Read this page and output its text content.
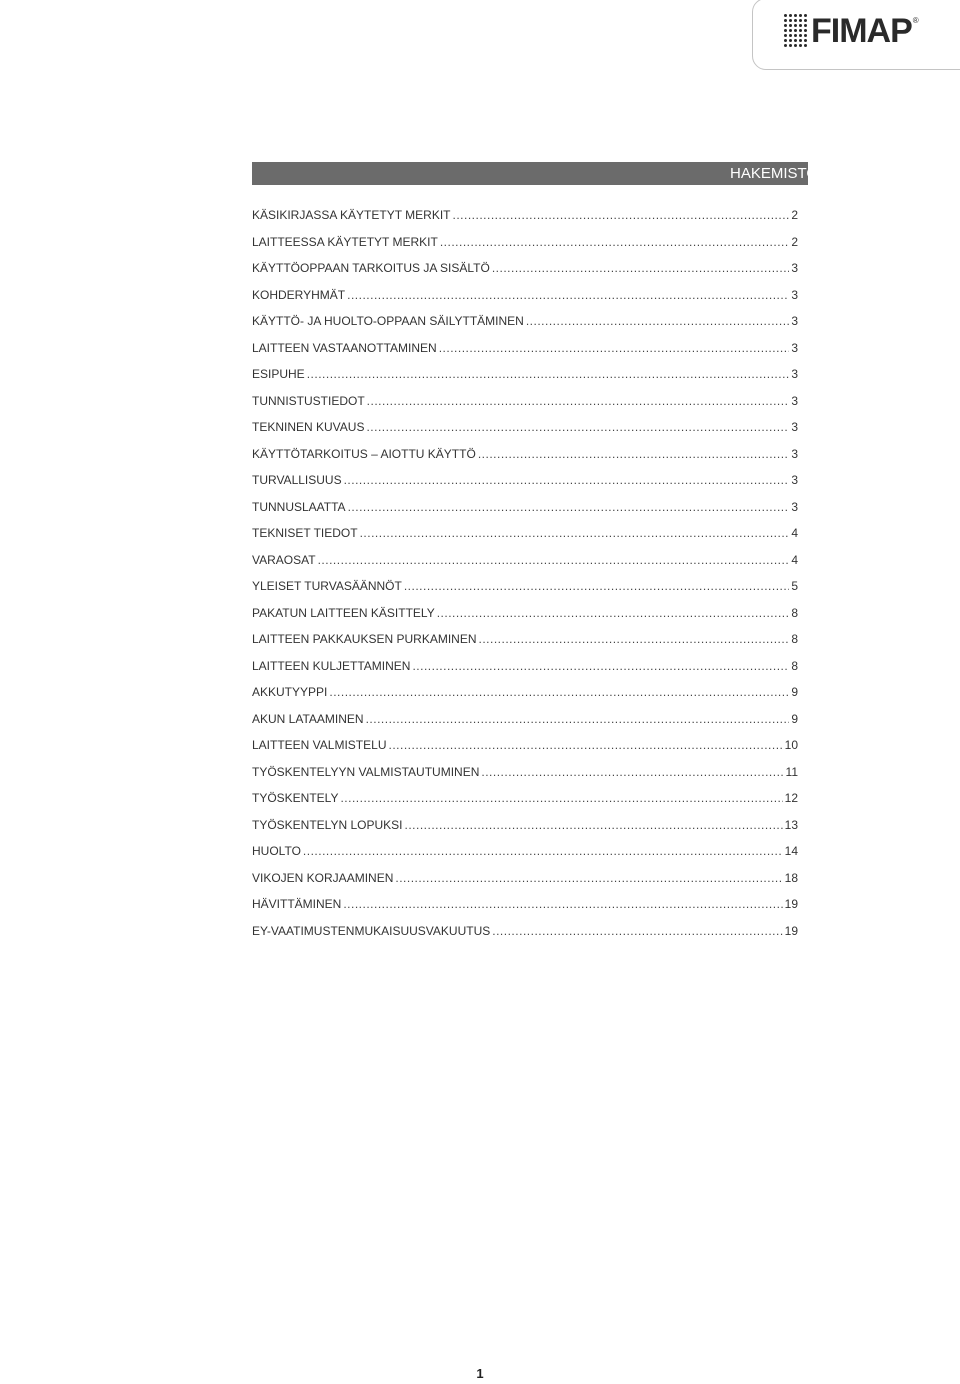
FIMAP ®
HAKEMISTO
KÄSIKIRJASSA KÄYTETYT MERKIT .....	2
LAITTEESSA KÄYTETYT MERKIT .....	2
KÄYTTÖOPPAAN TARKOITUS JA SISÄLTÖ .....	3
KOHDERYHMÄT .....	3
KÄYTTÖ- JA HUOLTO-OPPAAN SÄILYTTÄMINEN .....	3
LAITTEEN VASTAANOTTAMINEN .....	3
ESIPUHE .....	3
TUNNISTUSTIEDOT .....	3
TEKNINEN KUVAUS .....	3
KÄYTTÖTARKOITUS – AIOTTU KÄYTTÖ .....	3
TURVALLISUUS .....	3
TUNNUSLAATTA .....	3
TEKNISET TIEDOT .....	4
VARAOSAT .....	4
YLEISET TURVASÄÄNNÖT .....	5
PAKATUN LAITTEEN KÄSITTELY .....	8
LAITTEEN PAKKAUKSEN PURKAMINEN .....	8
LAITTEEN KULJETTAMINEN .....	8
AKKUTYYPPI .....	9
AKUN LATAAMINEN .....	9
LAITTEEN VALMISTELU .....	10
TYÖSKENTELYYN VALMISTAUTUMINEN .....	11
TYÖSKENTELY .....	12
TYÖSKENTELYN LOPUKSI .....	13
HUOLTO .....	14
VIKOJEN KORJAAMINEN .....	18
HÄVITTÄMINEN .....	19
EY-VAATIMUSTENMUKAISUUSVAKUUTUS .....	19
1
